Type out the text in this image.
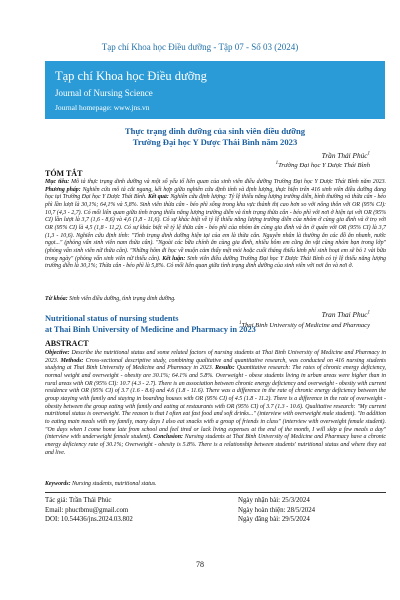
Tạp chí Khoa học Điều dưỡng - Tập 07 - Số 03 (2024)
Tạp chí Khoa học Điều dưỡng
Journal of Nursing Science
Journal homepage: www.jns.vn
Thực trạng dinh dưỡng của sinh viên điều dưỡng
Trường Đại học Y Dược Thái Bình năm 2023
Trần Thái Phúc$^1$
$^1$Trường Đại học Y Dược Thái Bình
TÓM TẮT
Mục tiêu: Mô tả thực trạng dinh dưỡng và một số yếu tố liên quan của sinh viên điều dưỡng Trường Đại học Y Dược Thái Bình năm 2023. Phương pháp: Nghiên cứu mô tả cắt ngang, kết hợp giữa nghiên cứu định tính và định lượng, thực hiện trên 416 sinh viên điều dưỡng đang học tại Trường Đại học Y Dược Thái Bình. Kết quả: Nghiên cứu định lượng: Tỷ lệ thiếu năng lượng trường diễn, bình thường và thừa cân - béo phì lần lượt là 30,1%; 64,1% và 5,8%. Sinh viên thừa cân - béo phì sống trong khu vực thành thị cao hơn so với nông thôn với OR (95% CI): 10,7 (4,3 - 2,7). Có mối liên quan giữa tình trạng thiếu năng lượng trường diễn và tình trạng thừa cân - béo phì với nơi ở hiện tại với OR (95% CI) lần lượt là 3,7 (1,6 - 8,6) và 4,6 (1,8 - 11,6). Có sự khác biệt về tỷ lệ thiếu năng lượng trường diễn của nhóm ở cùng gia đình và ở trọ với OR (95% CI) là 4,5 (1,8 - 11,2). Có sự khác biệt về tỷ lệ thừa cân - béo phì của nhóm ăn cùng gia đình và ăn ở quán với OR (95% CI) là 3,7 (1,3 - 10,6). Nghiên cứu định tính: "Tình trạng dinh dưỡng hiện tại của em là thừa cân. Nguyên nhân là thường ăn các đồ ăn nhanh, nước ngọt..." (phỏng vấn sinh viên nam thừa cân). "Ngoài các bữa chính ăn cùng gia đình, nhiều hôm em cũng ăn vặt cùng nhóm bạn trong lớp" (phỏng vấn sinh viên nữ thừa cân). "Những hôm đi học về muộn cảm thấy mệt mỏi hoặc cuối tháng thiếu kinh phí sinh hoạt em sẽ bỏ 1 vài bữa trong ngày" (phỏng vấn sinh viên nữ thiếu cân). Kết luận: Sinh viên điều dưỡng Trường Đại học Y Dược Thái Bình có tỷ lệ thiếu năng lượng trường diễn là 30,1%; Thừa cân - béo phì là 5,8%. Có mối liên quan giữa tình trạng dinh dưỡng của sinh viên với nơi ăn và nơi ở.
Từ khóa: Sinh viên điều dưỡng, tình trạng dinh dưỡng.
Nutritional status of nursing students
at Thai Binh University of Medicine and Pharmacy in 2023
Tran Thai Phuc$^1$
$^1$Thai Binh University of Medicine and Pharmacy
ABSTRACT
Objective: Describe the nutritional status and some related factors of nursing students at Thai Binh University of Medicine and Pharmacy in 2023. Methods: Cross-sectional descriptive study, combining qualitative and quantitative research, was conducted on 416 nursing students studying at Thai Binh University of Medicine and Pharmacy in 2023. Results: Quantitative research: The rates of chronic energy deficiency, normal weight and overweight - obesity are 30.1%; 64.1% and 5.8%. Overweight - obese students living in urban areas were higher than in rural areas with OR (95% CI): 10.7 (4.3 - 2.7). There is an association between chronic energy deficiency and overweight - obesity with current residence with OR (95% CI) of 3.7 (1.6 - 8.6) and 4.6 (1.8 - 11.6). There was a difference in the rate of chronic energy deficiency between the group staying with family and staying in boarding houses with OR (95% CI) of 4.5 (1.8 - 11.2). There is a difference in the rate of overweight - obesity between the group eating with family and eating at restaurants with OR (95% CI) of 3.7 (1.3 - 10.6). Qualitative research: "My current nutritional status is overweight. The reason is that I often eat fast food and soft drinks..." (interview with overweight male student). "In addition to eating main meals with my family, many days I also eat snacks with a group of friends in class" (interview with overweight female student). "On days when I come home late from school and feel tired or lack living expenses at the end of the month, I will skip a few meals a day" (interview with underweight female student). Conclusion: Nursing students at Thai Binh University of Medicine and Pharmacy have a chronic energy deficiency rate of 30.1%; Overweight - obesity is 5.8%. There is a relationship between students' nutritional status and where they eat and live.
Keywords: Nursing students, nutritional status.
Tác giả: Trần Thái Phúc
Email: phuctbmu@gmail.com
DOI: 10.54436/jns.2024.03.802
Ngày nhận bài: 25/3/2024
Ngày hoàn thiện: 28/5/2024
Ngày đăng bài: 29/5/2024
78
